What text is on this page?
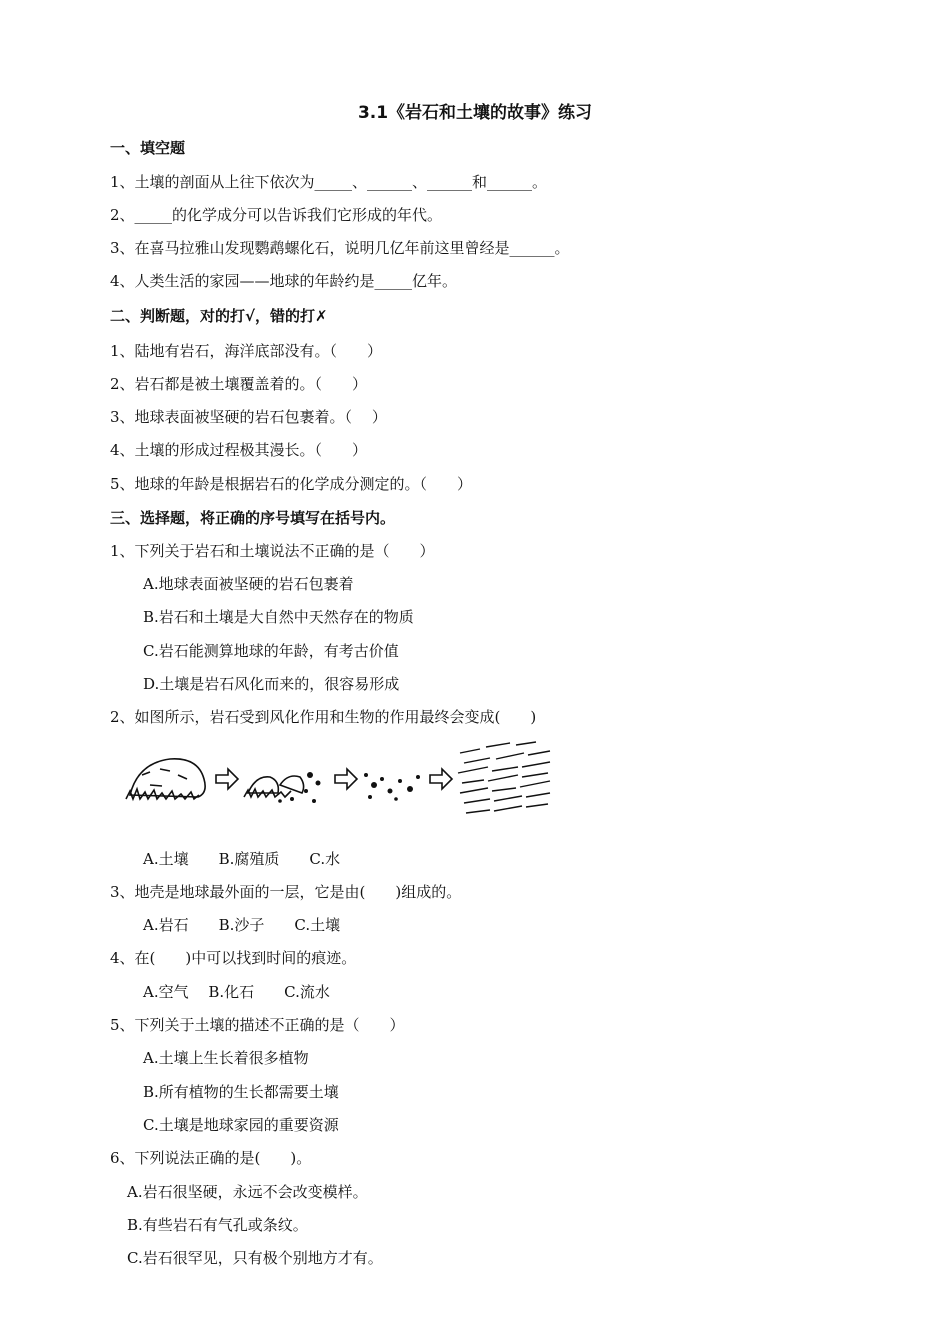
3.1《岩石和土壤的故事》练习
一、填空题
1、土壤的剖面从上往下依次为_____、______、______和______。
2、_____的化学成分可以告诉我们它形成的年代。
3、在喜马拉雅山发现鹦鹉螺化石，说明几亿年前这里曾经是______。
4、人类生活的家园——地球的年龄约是_____亿年。
二、判断题，对的打√，错的打✗
1、陆地有岩石，海洋底部没有。（　　）
2、岩石都是被土壤覆盖着的。（　　）
3、地球表面被坚硬的岩石包裹着。（　 ）
4、土壤的形成过程极其漫长。（　　）
5、地球的年龄是根据岩石的化学成分测定的。（　　）
三、选择题，将正确的序号填写在括号内。
1、下列关于岩石和土壤说法不正确的是（　　）
A.地球表面被坚硬的岩石包裹着
B.岩石和土壤是大自然中天然存在的物质
C.岩石能测算地球的年龄，有考古价值
D.土壤是岩石风化而来的，很容易形成
2、如图所示，岩石受到风化作用和生物的作用最终会变成(　　)
A.土壤　　B.腐殖质　　C.水
3、地壳是地球最外面的一层，它是由(　　)组成的。
A.岩石　　B.沙子　　C.土壤
4、在(　　)中可以找到时间的痕迹。
A.空气　 B.化石　　C.流水
5、下列关于土壤的描述不正确的是（　　）
A.土壤上生长着很多植物
B.所有植物的生长都需要土壤
C.土壤是地球家园的重要资源
6、下列说法正确的是(　　)。
A.岩石很坚硬，永远不会改变模样。
B.有些岩石有气孔或条纹。
C.岩石很罕见，只有极个别地方才有。
